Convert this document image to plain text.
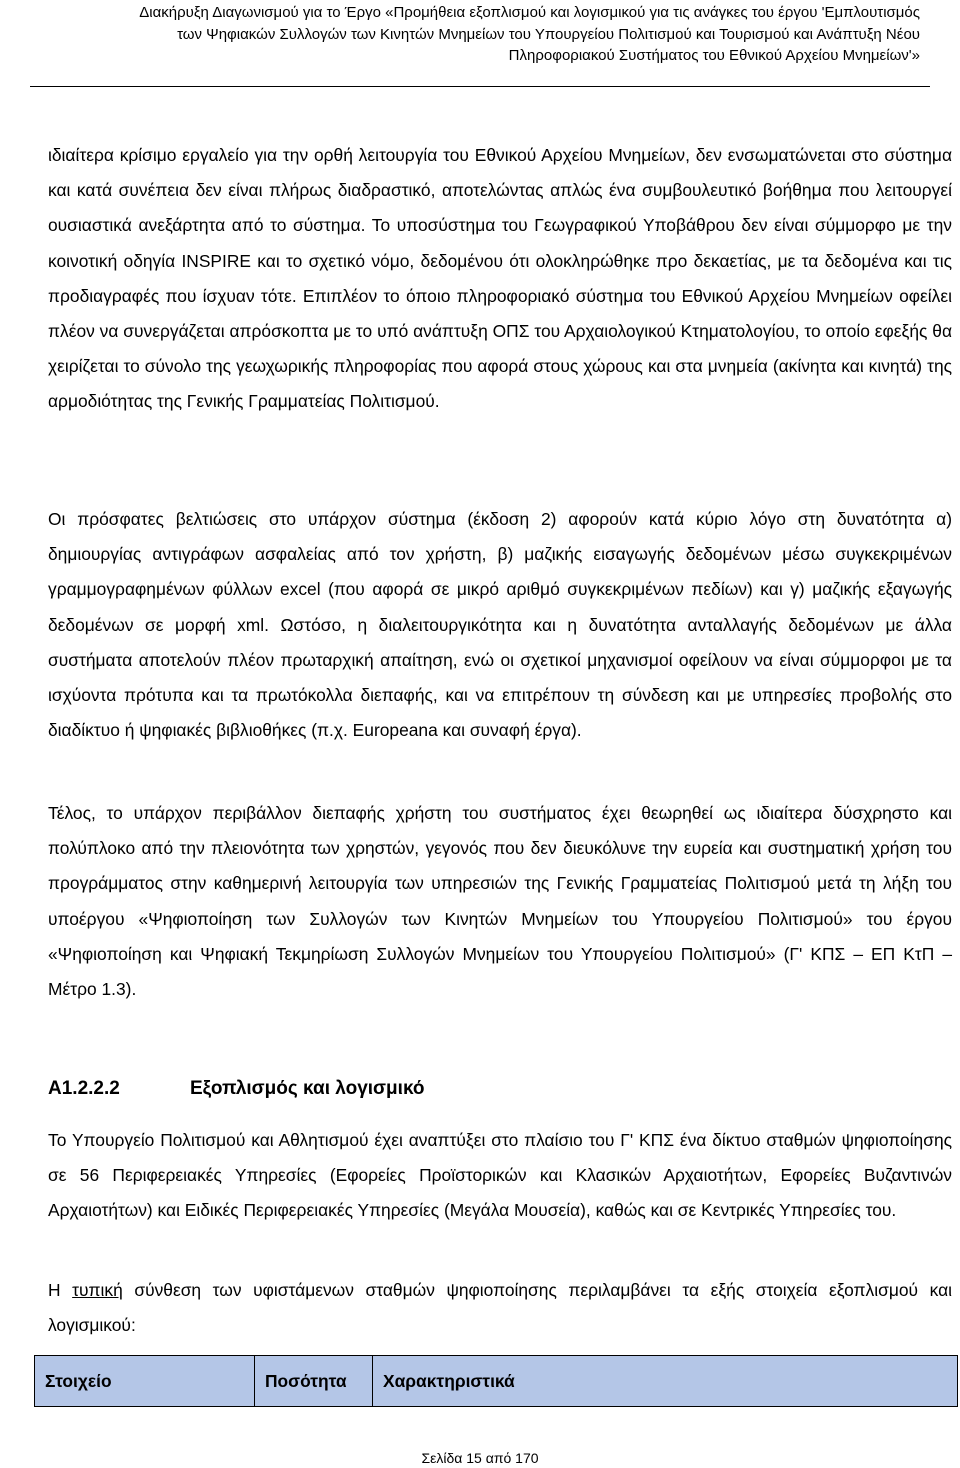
Διακήρυξη Διαγωνισμού για το Έργο «Προμήθεια εξοπλισμού και λογισμικού για τις ανάγκες του έργου 'Εμπλουτισμός
των Ψηφιακών Συλλογών των Κινητών Μνημείων του Υπουργείου Πολιτισμού και Τουρισμού και Ανάπτυξη Νέου
Πληροφοριακού Συστήματος του Εθνικού Αρχείου Μνημείων'»

ιδιαίτερα κρίσιμο εργαλείο για την ορθή λειτουργία του Εθνικού Αρχείου Μνημείων, δεν ενσωματώνεται στο σύστημα και κατά συνέπεια δεν είναι πλήρως διαδραστικό, αποτελώντας απλώς ένα συμβουλευτικό βοήθημα που λειτουργεί ουσιαστικά ανεξάρτητα από το σύστημα. Το υποσύστημα του Γεωγραφικού Υποβάθρου δεν είναι σύμμορφο με την κοινοτική οδηγία INSPIRE και το σχετικό νόμο, δεδομένου ότι ολοκληρώθηκε προ δεκαετίας, με τα δεδομένα και τις προδιαγραφές που ίσχυαν τότε. Επιπλέον το όποιο πληροφοριακό σύστημα του Εθνικού Αρχείου Μνημείων οφείλει πλέον να συνεργάζεται απρόσκοπτα με το υπό ανάπτυξη ΟΠΣ του Αρχαιολογικού Κτηματολογίου, το οποίο εφεξής θα χειρίζεται το σύνολο της γεωχωρικής πληροφορίας που αφορά στους χώρους και στα μνημεία (ακίνητα και κινητά) της αρμοδιότητας της Γενικής Γραμματείας Πολιτισμού.

Οι πρόσφατες βελτιώσεις στο υπάρχον σύστημα (έκδοση 2) αφορούν κατά κύριο λόγο στη δυνατότητα α) δημιουργίας αντιγράφων ασφαλείας από τον χρήστη, β) μαζικής εισαγωγής δεδομένων μέσω συγκεκριμένων γραμμογραφημένων φύλλων excel (που αφορά σε μικρό αριθμό συγκεκριμένων πεδίων) και γ) μαζικής εξαγωγής δεδομένων σε μορφή xml. Ωστόσο, η διαλειτουργικότητα και η δυνατότητα ανταλλαγής δεδομένων με άλλα συστήματα αποτελούν πλέον πρωταρχική απαίτηση, ενώ οι σχετικοί μηχανισμοί οφείλουν να είναι σύμμορφοι με τα ισχύοντα πρότυπα και τα πρωτόκολλα διεπαφής, και να επιτρέπουν τη σύνδεση και με υπηρεσίες προβολής στο διαδίκτυο ή ψηφιακές βιβλιοθήκες (π.χ. Europeana και συναφή έργα).

Τέλος, το υπάρχον περιβάλλον διεπαφής χρήστη του συστήματος έχει θεωρηθεί ως ιδιαίτερα δύσχρηστο και πολύπλοκο από την πλειονότητα των χρηστών, γεγονός που δεν διευκόλυνε την ευρεία και συστηματική χρήση του προγράμματος στην καθημερινή λειτουργία των υπηρεσιών της Γενικής Γραμματείας Πολιτισμού μετά τη λήξη του υποέργου «Ψηφιοποίηση των Συλλογών των Κινητών Μνημείων του Υπουργείου Πολιτισμού» του έργου «Ψηφιοποίηση και Ψηφιακή Τεκμηρίωση Συλλογών Μνημείων του Υπουργείου Πολιτισμού» (Γ' ΚΠΣ – ΕΠ ΚτΠ – Μέτρο 1.3).

Α1.2.2.2	Εξοπλισμός και λογισμικό

Το Υπουργείο Πολιτισμού και Αθλητισμού έχει αναπτύξει στο πλαίσιο του Γ' ΚΠΣ ένα δίκτυο σταθμών ψηφιοποίησης σε 56 Περιφερειακές Υπηρεσίες (Εφορείες Προϊστορικών και Κλασικών Αρχαιοτήτων, Εφορείες Βυζαντινών Αρχαιοτήτων) και Ειδικές Περιφερειακές Υπηρεσίες (Μεγάλα Μουσεία), καθώς και σε Κεντρικές Υπηρεσίες του.

Η τυπική σύνθεση των υφιστάμενων σταθμών ψηφιοποίησης περιλαμβάνει τα εξής στοιχεία εξοπλισμού και λογισμικού:

Στοιχείο	Ποσότητα	Χαρακτηριστικά
Σελίδα 15 από 170
